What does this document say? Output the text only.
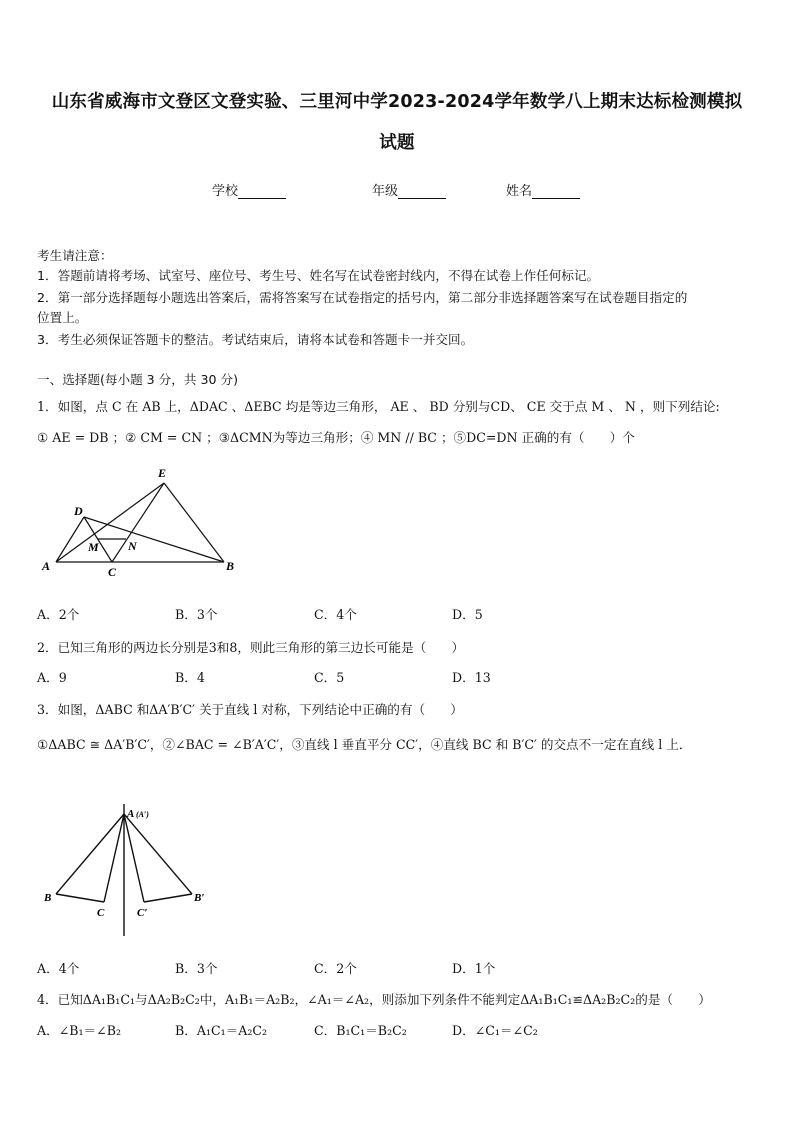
山东省威海市文登区文登实验、三里河中学2023-2024学年数学八上期末达标检测模拟
试题
学校	年级	姓名
考生请注意：
1．答题前请将考场、试室号、座位号、考生号、姓名写在试卷密封线内，不得在试卷上作任何标记。
2．第一部分选择题每小题选出答案后，需将答案写在试卷指定的括号内，第二部分非选择题答案写在试卷题目指定的
位置上。
3．考生必须保证答题卡的整洁。考试结束后，请将本试卷和答题卡一并交回。
一、选择题(每小题 3 分，共 30 分)
1．如图，点 C 在 AB 上，ΔDAC 、ΔEBC 均是等边三角形， AE 、 BD 分别与CD、 CE 交于点 M 、 N ，则下列结论:
① AE = DB ；② CM = CN ；③ΔCMN为等边三角形；④ MN // BC ；⑤DC=DN 正确的有（　　）个
E
D
M N
A	C	B
A．2个	B．3个	C．4个	D．5
2．已知三角形的两边长分别是3和8，则此三角形的第三边长可能是（　　）
A．9	B．4	C．5	D．13
3．如图，ΔABC 和ΔA′B′C′ 关于直线 l 对称，下列结论中正确的有（　　）
①ΔABC ≅ ΔA′B′C′，②∠BAC = ∠B′A′C′，③直线 l 垂直平分 CC′，④直线 BC 和 B′C′ 的交点不一定在直线 l 上．
A (A′)
B
C	C′
B′
A．4个	B．3个	C．2个	D．1个
4．已知ΔA₁B₁C₁与ΔA₂B₂C₂中，A₁B₁＝A₂B₂，∠A₁＝∠A₂，则添加下列条件不能判定ΔA₁B₁C₁≌ΔA₂B₂C₂的是（　　）
A．∠B₁＝∠B₂	B．A₁C₁＝A₂C₂	C．B₁C₁＝B₂C₂	D．∠C₁＝∠C₂
